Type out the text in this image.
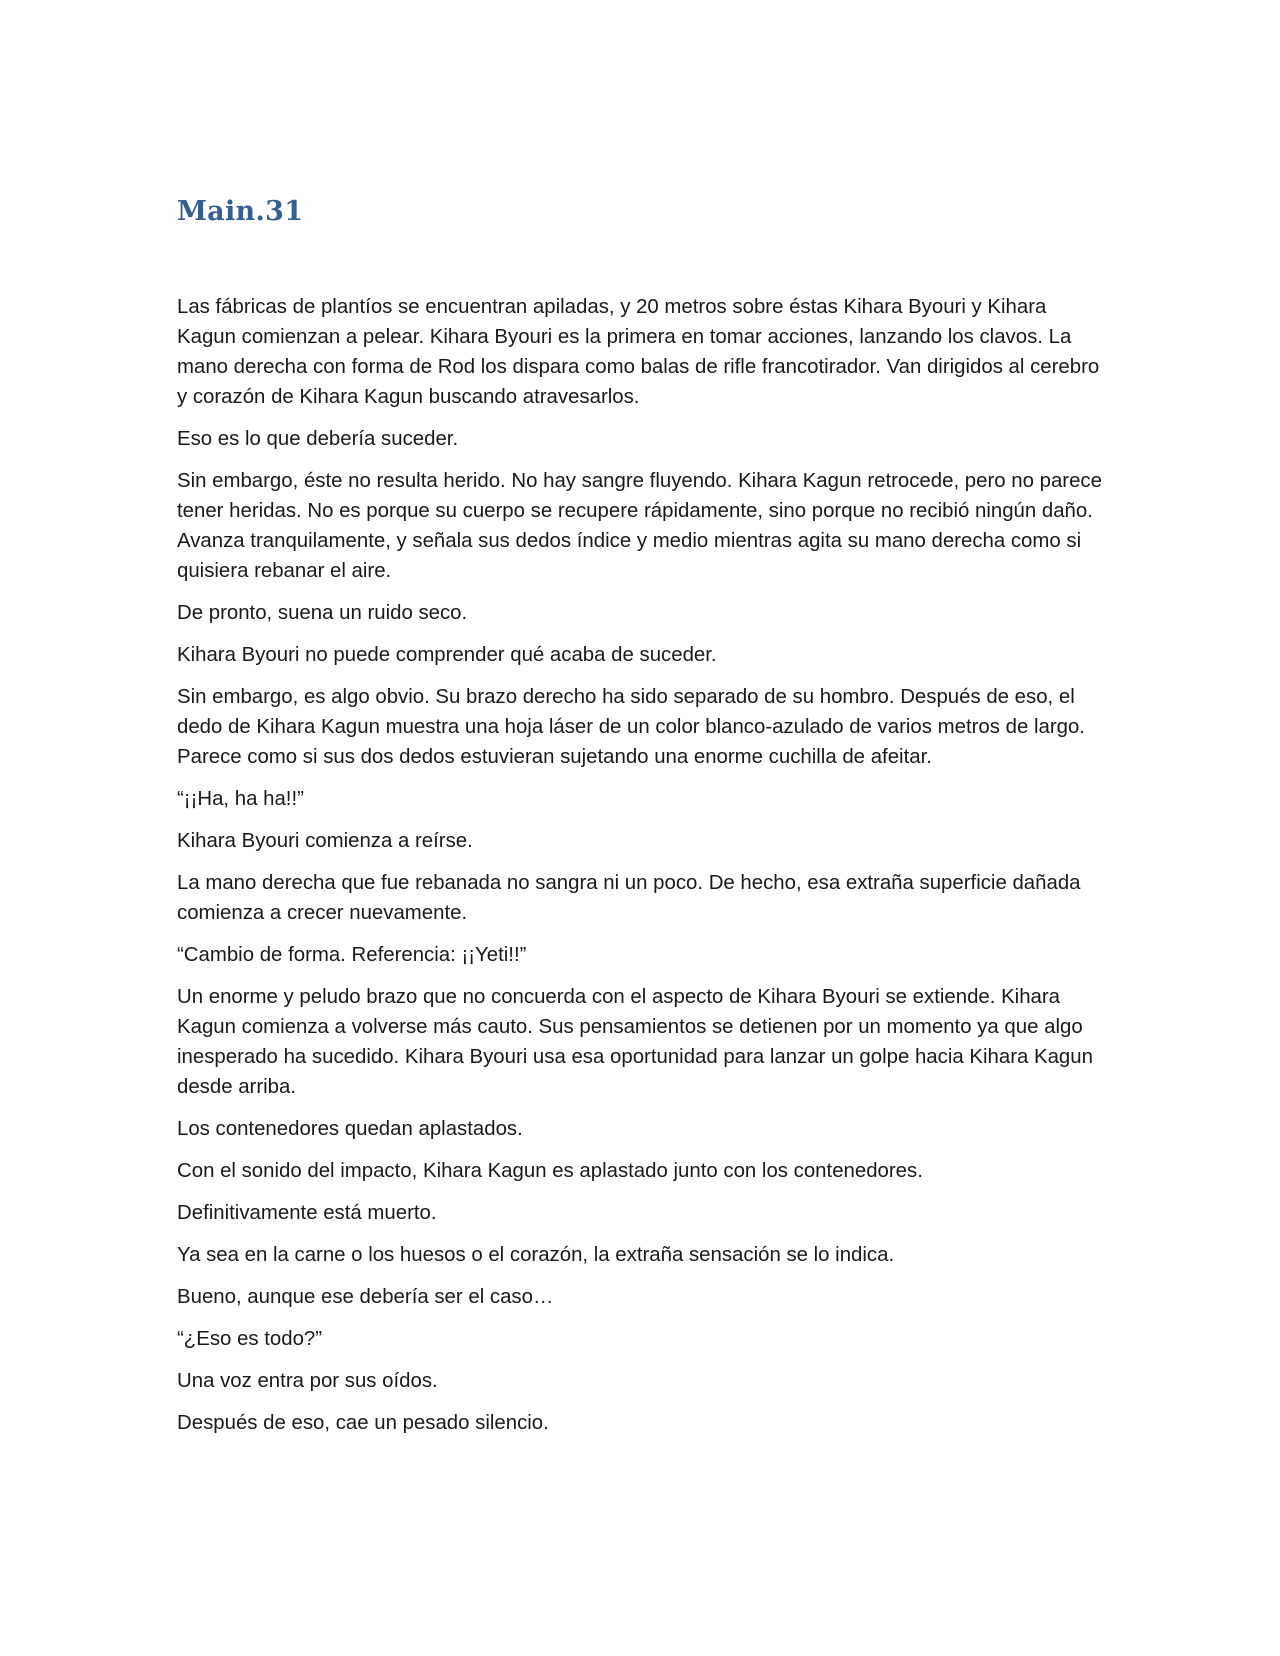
Main.31

Las fábricas de plantíos se encuentran apiladas, y 20 metros sobre éstas Kihara Byouri y Kihara Kagun comienzan a pelear. Kihara Byouri es la primera en tomar acciones, lanzando los clavos. La mano derecha con forma de Rod los dispara como balas de rifle francotirador. Van dirigidos al cerebro y corazón de Kihara Kagun buscando atravesarlos.

Eso es lo que debería suceder.

Sin embargo, éste no resulta herido. No hay sangre fluyendo. Kihara Kagun retrocede, pero no parece tener heridas. No es porque su cuerpo se recupere rápidamente, sino porque no recibió ningún daño. Avanza tranquilamente, y señala sus dedos índice y medio mientras agita su mano derecha como si quisiera rebanar el aire.

De pronto, suena un ruido seco.

Kihara Byouri no puede comprender qué acaba de suceder.

Sin embargo, es algo obvio. Su brazo derecho ha sido separado de su hombro. Después de eso, el dedo de Kihara Kagun muestra una hoja láser de un color blanco-azulado de varios metros de largo. Parece como si sus dos dedos estuvieran sujetando una enorme cuchilla de afeitar.

“¡¡Ha, ha ha!!”

Kihara Byouri comienza a reírse.

La mano derecha que fue rebanada no sangra ni un poco. De hecho, esa extraña superficie dañada comienza a crecer nuevamente.

“Cambio de forma. Referencia: ¡¡Yeti!!”

Un enorme y peludo brazo que no concuerda con el aspecto de Kihara Byouri se extiende. Kihara Kagun comienza a volverse más cauto. Sus pensamientos se detienen por un momento ya que algo inesperado ha sucedido. Kihara Byouri usa esa oportunidad para lanzar un golpe hacia Kihara Kagun desde arriba.

Los contenedores quedan aplastados.

Con el sonido del impacto, Kihara Kagun es aplastado junto con los contenedores.

Definitivamente está muerto.

Ya sea en la carne o los huesos o el corazón, la extraña sensación se lo indica.

Bueno, aunque ese debería ser el caso…

“¿Eso es todo?”

Una voz entra por sus oídos.

Después de eso, cae un pesado silencio.
